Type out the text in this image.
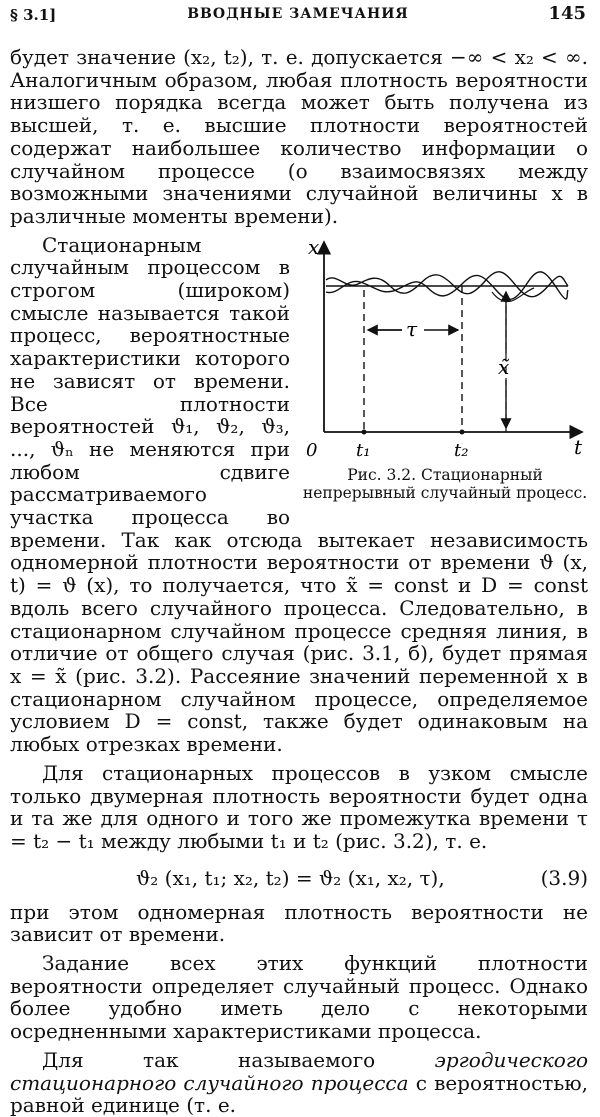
§ 3.1]	ВВОДНЫЕ ЗАМЕЧАНИЯ	145

будет значение (x₂, t₂), т. е. допускается −∞ < x₂ < ∞. Аналогичным образом, любая плотность вероятности низшего порядка всегда может быть получена из высшей, т. е. высшие плотности вероятностей содержат наибольшее количество информации о случайном процессе (о взаимосвязях между возможными значениями случайной величины x в различные моменты времени).

x
t
0
τ
x̃
t₁	t₂
Рис. 3.2. Стационарный непрерывный случайный процесс.

Стационарным случайным процессом в строгом (широком) смысле называется такой процесс, вероятностные характеристики которого не зависят от времени. Все плотности вероятностей ϑ₁, ϑ₂, ϑ₃, ..., ϑₙ не меняются при любом сдвиге рассматриваемого участка процесса во времени. Так как отсюда вытекает независимость одномерной плотности вероятности от времени ϑ (x, t) = ϑ (x), то получается, что x̃ = const и D = const вдоль всего случайного процесса. Следовательно, в стационарном случайном процессе средняя линия, в отличие от общего случая (рис. 3.1, б), будет прямая x = x̃ (рис. 3.2). Рассеяние значений переменной x в стационарном случайном процессе, определяемое условием D = const, также будет одинаковым на любых отрезках времени.

Для стационарных процессов в узком смысле только двумерная плотность вероятности будет одна и та же для одного и того же промежутка времени τ = t₂ − t₁ между любыми t₁ и t₂ (рис. 3.2), т. е.

ϑ₂ (x₁, t₁; x₂, t₂) = ϑ₂ (x₁, x₂, τ),	(3.9)

при этом одномерная плотность вероятности не зависит от времени.

Задание всех этих функций плотности вероятности определяет случайный процесс. Однако более удобно иметь дело с некоторыми осредненными характеристиками процесса.

Для так называемого эргодического стационарного случайного процесса с вероятностью, равной единице (т. е.
